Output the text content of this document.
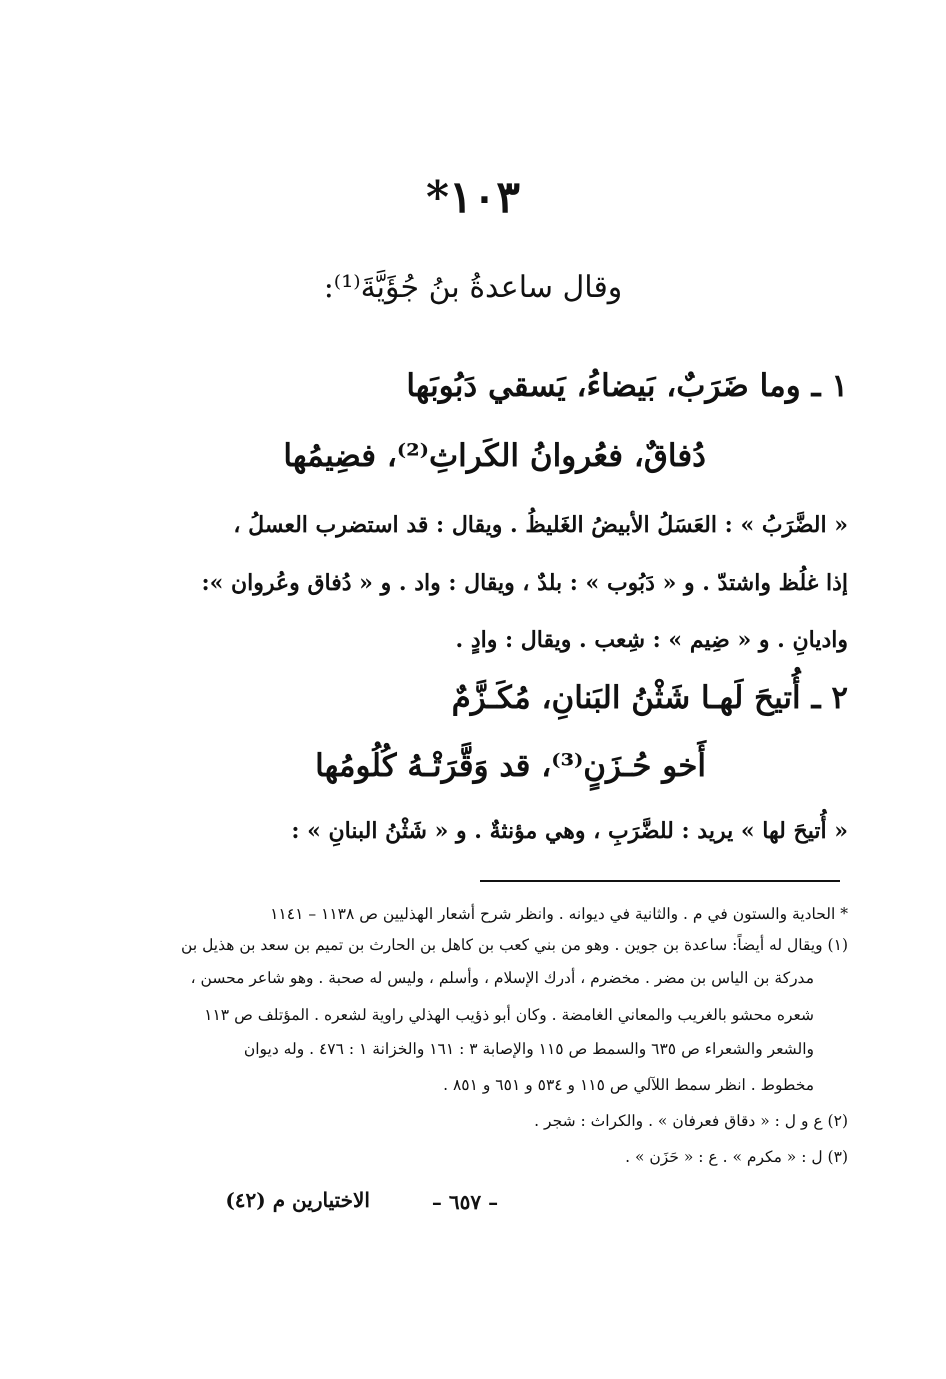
١٠٣*
وقال ساعدةُ بنُ جُؤَيَّةَ⁽¹⁾:
١ ـ وما ضَرَبٌ، بَيضاءُ، يَسقي دَبُوبَها
دُفاقٌ، فعُروانُ الكَراثِ⁽²⁾، فضِيمُها
« الضَّرَبُ » : العَسَلُ الأبيضُ الغَليظُ . ويقال : قد استضرب العسلُ ،
إذا غلُظ واشتدّ . و « دَبُوب » : بلدٌ ، ويقال : واد . و « دُفاق وعُروان »:
واديانِ . و « ضِيم » : شِعب . ويقال : وادٍ .
٢ ـ أُتيحَ لَهـا شَثْنُ البَنانِ، مُكَـزَّمٌ
أَخو حُـزَنٍ⁽³⁾، قد وَقَّرَتْـهُ كُلُومُها
« أُتيحَ لها » يريد : للضَّرَبِ ، وهي مؤنثةٌ . و « شَثْنُ البنانِ » :
* الحادية والستون في م . والثانية في ديوانه . وانظر شرح أشعار الهذليين ص ١١٣٨ – ١١٤١
(١) ويقال له أيضاً: ساعدة بن جوين . وهو من بني كعب بن كاهل بن الحارث بن تميم بن سعد بن هذيل بن
مدركة بن الياس بن مضر . مخضرم ، أدرك الإسلام ، وأسلم ، وليس له صحبة . وهو شاعر محسن ،
شعره محشو بالغريب والمعاني الغامضة . وكان أبو ذؤيب الهذلي راوية لشعره . المؤتلف ص ١١٣
والشعر والشعراء ص ٦٣٥ والسمط ص ١١٥ والإصابة ٣ : ١٦١ والخزانة ١ : ٤٧٦ . وله ديوان
مخطوط . انظر سمط اللآلي ص ١١٥ و ٥٣٤ و ٦٥١ و ٨٥١ .
(٢) ع و ل : « دقاق فعرفان » . والكراث : شجر .
(٣) ل : « مكرم » . ع : « حَزَن » .
– ٦٥٧ –
الاختيارين م (٤٢)
